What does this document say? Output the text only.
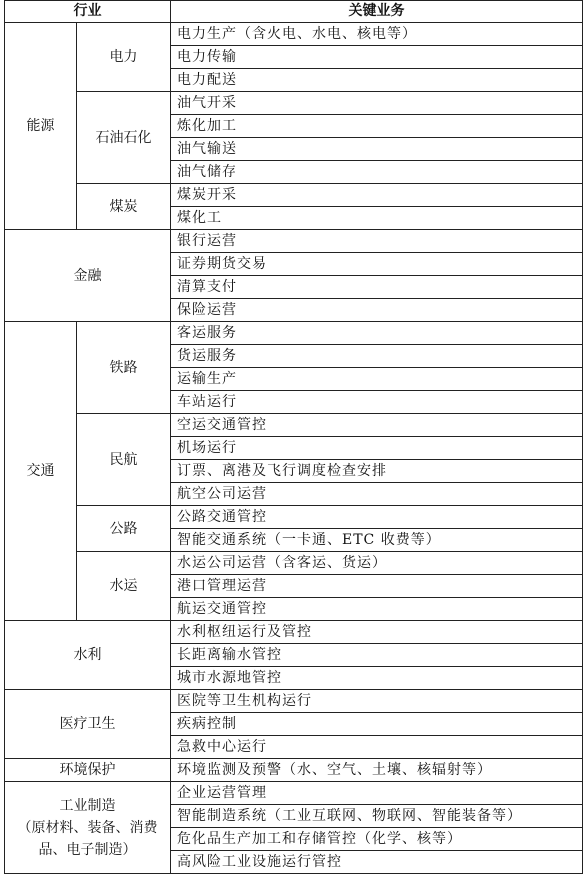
行业		关键业务
能源	电力	电力生产（含火电、水电、核电等）
		电力传输
		电力配送
	石油石化	油气开采
		炼化加工
		油气输送
		油气储存
	煤炭	煤炭开采
		煤化工
金融		银行运营
		证券期货交易
		清算支付
		保险运营
交通	铁路	客运服务
		货运服务
		运输生产
		车站运行
	民航	空运交通管控
		机场运行
		订票、离港及飞行调度检查安排
		航空公司运营
	公路	公路交通管控
		智能交通系统（一卡通、ETC 收费等）
	水运	水运公司运营（含客运、货运）
		港口管理运营
		航运交通管控
水利		水利枢纽运行及管控
		长距离输水管控
		城市水源地管控
医疗卫生		医院等卫生机构运行
		疾病控制
		急救中心运行
环境保护		环境监测及预警（水、空气、土壤、核辐射等）

工业制造
（原材料、装备、消费品、电子制造）		企业运营管理
		智能制造系统（工业互联网、物联网、智能装备等）
		危化品生产加工和存储管控（化学、核等）
		高风险工业设施运行管控
